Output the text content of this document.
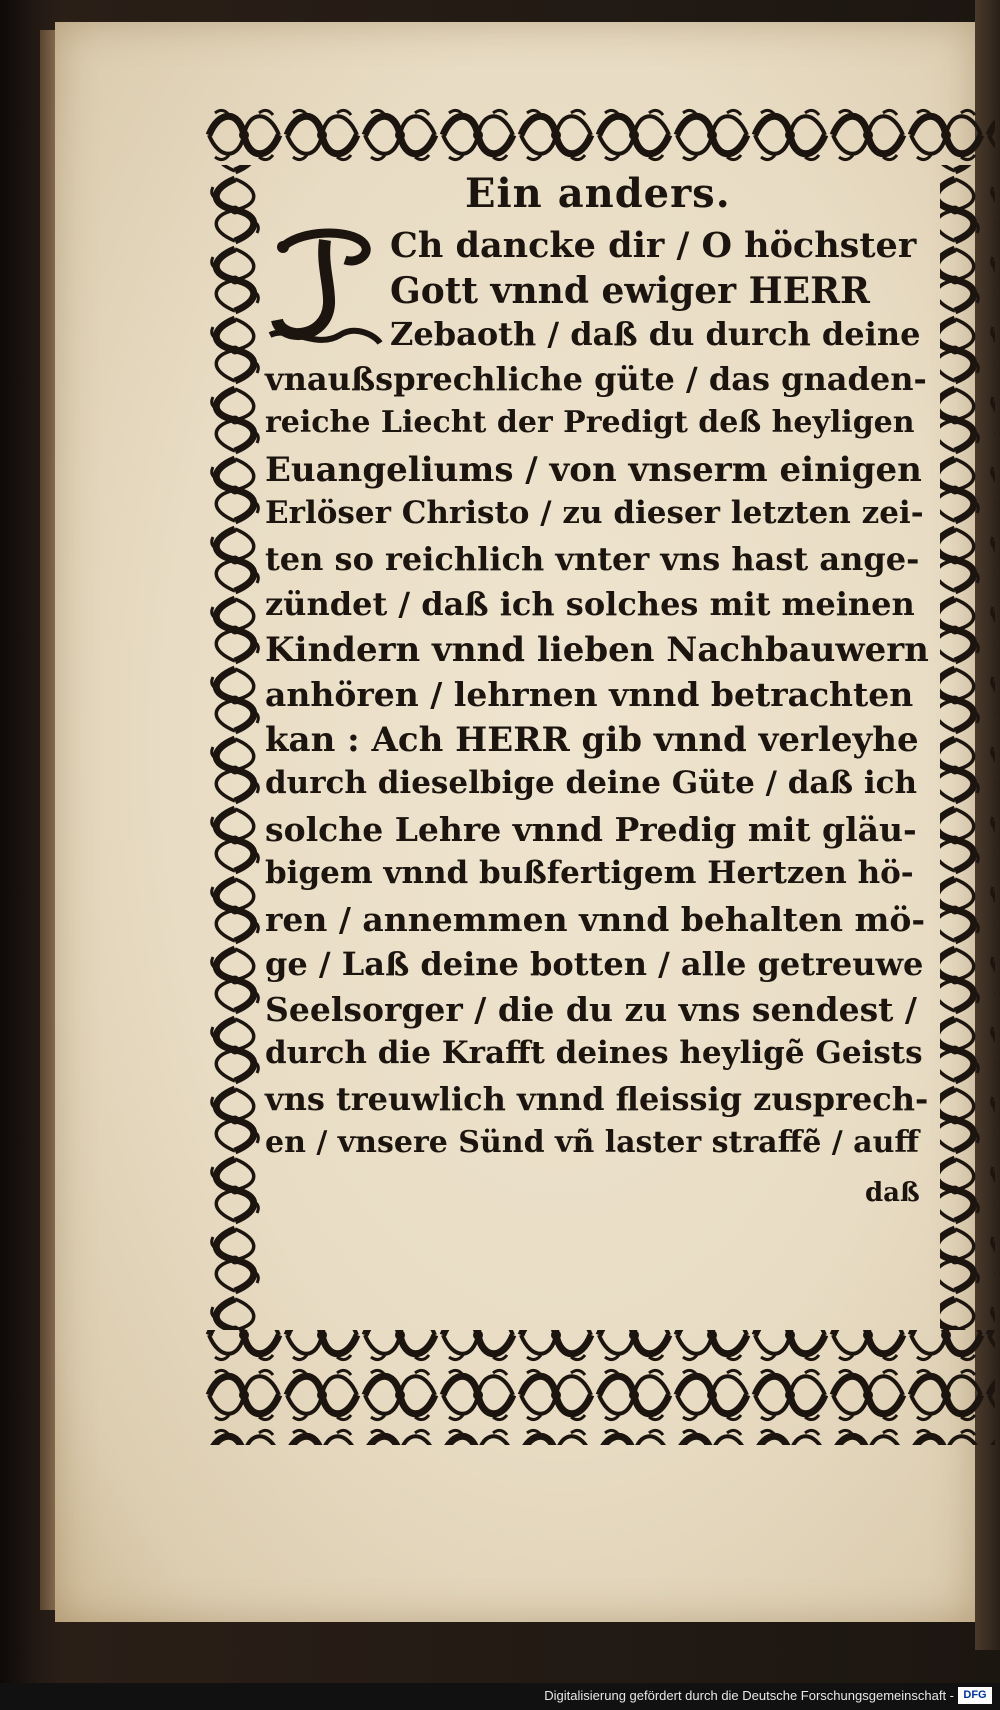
Ein anders.
J
Ch dancke dir / O höchster
Gott vnnd ewiger HERR
Zebaoth / daß du durch deine
vnaußsprechliche güte / das gnaden-
reiche Liecht der Predigt deß heyligen
Euangeliums / von vnserm einigen
Erlöser Christo / zu dieser letzten zei-
ten so reichlich vnter vns hast ange-
zündet / daß ich solches mit meinen
Kindern vnnd lieben Nachbauwern
anhören / lehrnen vnnd betrachten
kan : Ach HERR gib vnnd verleyhe
durch dieselbige deine Güte / daß ich
solche Lehre vnnd Predig mit gläu-
bigem vnnd bußfertigem Hertzen hö-
ren / annemmen vnnd behalten mö-
ge / Laß deine botten / alle getreuwe
Seelsorger / die du zu vns sendest /
durch die Krafft deines heyligẽ Geists
vns treuwlich vnnd fleissig zusprech-
en / vnsere Sünd vñ laster straffẽ / auff
daß
Digitalisierung gefördert durch die Deutsche Forschungsgemeinschaft - DFG
